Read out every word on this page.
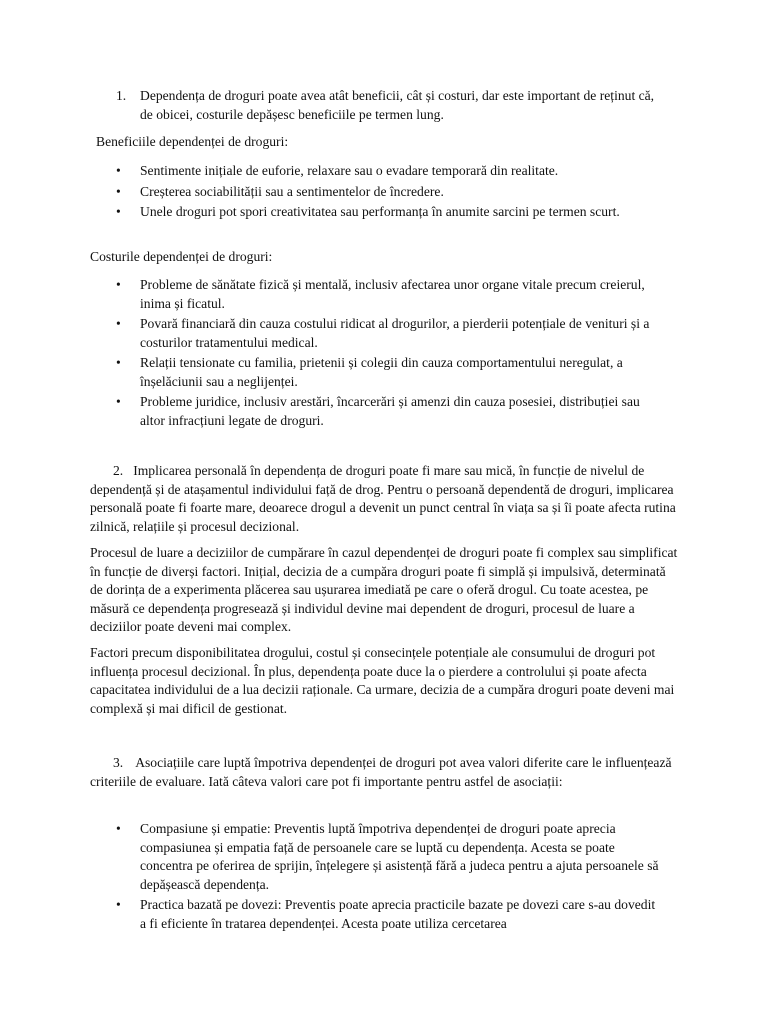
1.	Dependența de droguri poate avea atât beneficii, cât și costuri, dar este important de reținut că, de obicei, costurile depășesc beneficiile pe termen lung.

Beneficiile dependenței de droguri:

•	Sentimente inițiale de euforie, relaxare sau o evadare temporară din realitate.
•	Creșterea sociabilității sau a sentimentelor de încredere.
•	Unele droguri pot spori creativitatea sau performanța în anumite sarcini pe termen scurt.

Costurile dependenței de droguri:

•	Probleme de sănătate fizică și mentală, inclusiv afectarea unor organe vitale precum creierul, inima și ficatul.
•	Povară financiară din cauza costului ridicat al drogurilor, a pierderii potențiale de venituri și a costurilor tratamentului medical.
•	Relații tensionate cu familia, prietenii și colegii din cauza comportamentului neregulat, a înșelăciunii sau a neglijenței.
•	Probleme juridice, inclusiv arestări, încarcerări și amenzi din cauza posesiei, distribuției sau altor infracțiuni legate de droguri.

2. Implicarea personală în dependența de droguri poate fi mare sau mică, în funcție de nivelul de dependență și de atașamentul individului față de drog. Pentru o persoană dependentă de droguri, implicarea personală poate fi foarte mare, deoarece drogul a devenit un punct central în viața sa și îi poate afecta rutina zilnică, relațiile și procesul decizional.

Procesul de luare a deciziilor de cumpărare în cazul dependenței de droguri poate fi complex sau simplificat în funcție de diverși factori. Inițial, decizia de a cumpăra droguri poate fi simplă și impulsivă, determinată de dorința de a experimenta plăcerea sau ușurarea imediată pe care o oferă drogul. Cu toate acestea, pe măsură ce dependența progresează și individul devine mai dependent de droguri, procesul de luare a deciziilor poate deveni mai complex.

Factori precum disponibilitatea drogului, costul și consecințele potențiale ale consumului de droguri pot influența procesul decizional. În plus, dependența poate duce la o pierdere a controlului și poate afecta capacitatea individului de a lua decizii raționale. Ca urmare, decizia de a cumpăra droguri poate deveni mai complexă și mai dificil de gestionat.

3. Asociațiile care luptă împotriva dependenței de droguri pot avea valori diferite care le influențează criteriile de evaluare. Iată câteva valori care pot fi importante pentru astfel de asociații:

•	Compasiune și empatie: Preventis luptă împotriva dependenței de droguri poate aprecia compasiunea și empatia față de persoanele care se luptă cu dependența. Acesta se poate concentra pe oferirea de sprijin, înțelegere și asistență fără a judeca pentru a ajuta persoanele să depășească dependența.
•	Practica bazată pe dovezi: Preventis poate aprecia practicile bazate pe dovezi care s-au dovedit a fi eficiente în tratarea dependenței. Acesta poate utiliza cercetarea
